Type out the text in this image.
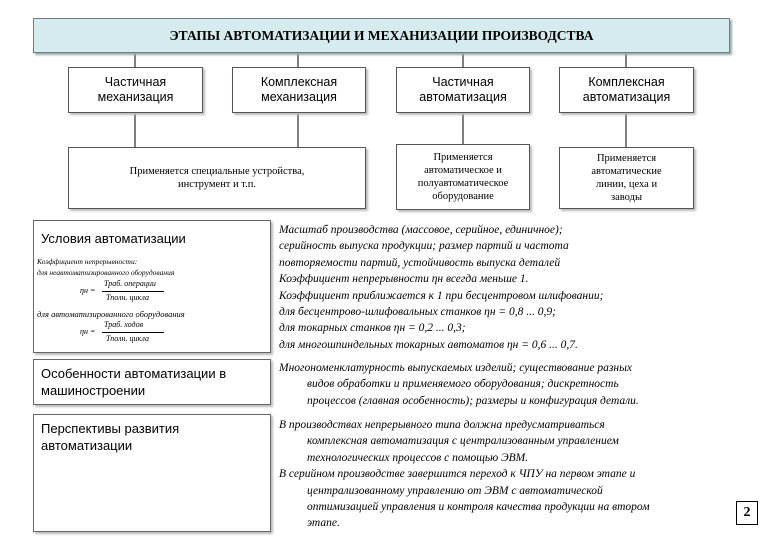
ЭТАПЫ АВТОМАТИЗАЦИИ И МЕХАНИЗАЦИИ ПРОИЗВОДСТВА
Частичная механизация
Комплексная механизация
Частичная автоматизация
Комплексная автоматизация
Применяется специальные устройства, инструмент и т.п.
Применяется автоматическое и полуавтоматическое оборудование
Применяется автоматические линии, цеха и заводы
Условия автоматизации
Коэффициент непрерывности:
для неавтоматизированного оборудования
ηн =
Траб. операции
Тполн. цикла
для автоматизированного оборудования
ηн =
Траб. ходов
Тполн. цикла

Масштаб производства (массовое, серийное, единичное);

серийность выпуска продукции; размер партий и частота

повторяемости партий, устойчивость выпуска деталей

Коэффициент непрерывности ηн всегда меньше 1.

Коэффициент приближается к 1 при бесцентровом шлифовании;

для бесцентрово-шлифовальных станков ηн = 0,8 ... 0,9;

для токарных станков ηн = 0,2 ... 0,3;

для многошпиндельных токарных автоматов ηн = 0,6 ... 0,7.

Особенности автоматизации в машиностроении

Многономенклатурность выпускаемых изделий; существование разных

видов обработки и применяемого оборудования; дискретность

процессов (главная особенность); размеры и конфигурация детали.

Перспективы развития автоматизации

В производствах непрерывного типа должна предусматриваться

комплексная автоматизация с централизованным управлением

технологических процессов с помощью ЭВМ.

В серийном производстве завершится переход к ЧПУ на первом этапе и

централизованному управлению от ЭВМ с автоматической

оптимизацией управления и контроля качества продукции на втором

этапе.

2
